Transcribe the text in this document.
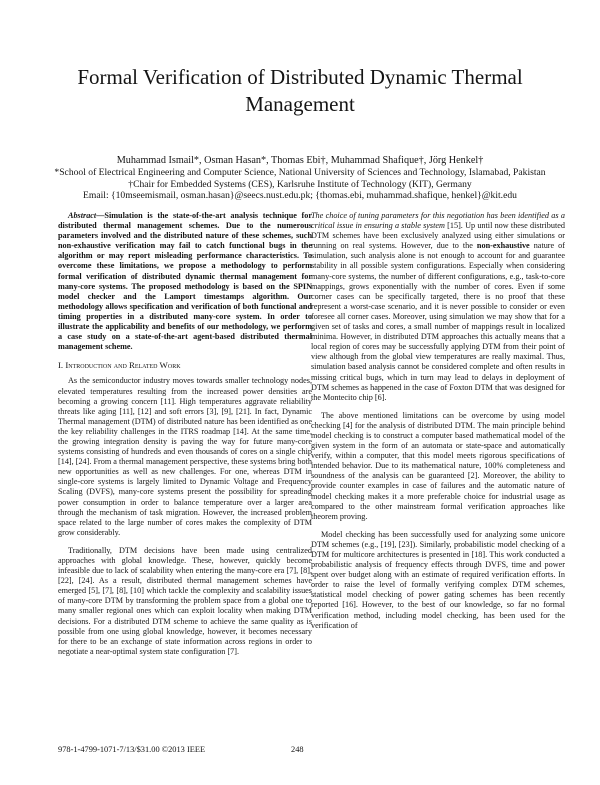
Formal Verification of Distributed Dynamic Thermal Management
Muhammad Ismail*, Osman Hasan*, Thomas Ebi†, Muhammad Shafique†, Jörg Henkel†
*School of Electrical Engineering and Computer Science, National University of Sciences and Technology, Islamabad, Pakistan
†Chair for Embedded Systems (CES), Karlsruhe Institute of Technology (KIT), Germany
Email: {10mseemismail, osman.hasan}@seecs.nust.edu.pk; {thomas.ebi, muhammad.shafique, henkel}@kit.edu

Abstract—Simulation is the state-of-the-art analysis technique for distributed thermal management schemes. Due to the numerous parameters involved and the distributed nature of these schemes, such non-exhaustive verification may fail to catch functional bugs in the algorithm or may report misleading performance characteristics. To overcome these limitations, we propose a methodology to perform formal verification of distributed dynamic thermal management for many-core systems. The proposed methodology is based on the SPIN model checker and the Lamport timestamps algorithm. Our methodology allows specification and verification of both functional and timing properties in a distributed many-core system. In order to illustrate the applicability and benefits of our methodology, we perform a case study on a state-of-the-art agent-based distributed thermal management scheme.

I. Introduction and Related Work

As the semiconductor industry moves towards smaller technology nodes, elevated temperatures resulting from the increased power densities are becoming a growing concern [11]. High temperatures aggravate reliability threats like aging [11], [12] and soft errors [3], [9], [21]. In fact, Dynamic Thermal management (DTM) of distributed nature has been identified as one the key reliability challenges in the ITRS roadmap [14]. At the same time, the growing integration density is paving the way for future many-core systems consisting of hundreds and even thousands of cores on a single chip [14], [24]. From a thermal management perspective, these systems bring both new opportunities as well as new challenges. For one, whereas DTM in single-core systems is largely limited to Dynamic Voltage and Frequency Scaling (DVFS), many-core systems present the possibility for spreading power consumption in order to balance temperature over a larger area through the mechanism of task migration. However, the increased problem space related to the large number of cores makes the complexity of DTM grow considerably.

Traditionally, DTM decisions have been made using centralized approaches with global knowledge. These, however, quickly become infeasible due to lack of scalability when entering the many-core era [7], [8], [22], [24]. As a result, distributed thermal management schemes have emerged [5], [7], [8], [10] which tackle the complexity and scalability issues of many-core DTM by transforming the problem space from a global one to many smaller regional ones which can exploit locality when making DTM decisions. For a distributed DTM scheme to achieve the same quality as is possible from one using global knowledge, however, it becomes necessary for there to be an exchange of state information across regions in order to negotiate a near-optimal system state configuration [7].

The choice of tuning parameters for this negotiation has been identified as a critical issue in ensuring a stable system [15]. Up until now these distributed DTM schemes have been exclusively analyzed using either simulations or running on real systems. However, due to the non-exhaustive nature of simulation, such analysis alone is not enough to account for and guarantee stability in all possible system configurations. Especially when considering many-core systems, the number of different configurations, e.g., task-to-core mappings, grows exponentially with the number of cores. Even if some corner cases can be specifically targeted, there is no proof that these represent a worst-case scenario, and it is never possible to consider or even foresee all corner cases. Moreover, using simulation we may show that for a given set of tasks and cores, a small number of mappings result in localized minima. However, in distributed DTM approaches this actually means that a local region of cores may be successfully applying DTM from their point of view although from the global view temperatures are really maximal. Thus, simulation based analysis cannot be considered complete and often results in missing critical bugs, which in turn may lead to delays in deployment of DTM schemes as happened in the case of Foxton DTM that was designed for the Montecito chip [6].

The above mentioned limitations can be overcome by using model checking [4] for the analysis of distributed DTM. The main principle behind model checking is to construct a computer based mathematical model of the given system in the form of an automata or state-space and automatically verify, within a computer, that this model meets rigorous specifications of intended behavior. Due to its mathematical nature, 100% completeness and soundness of the analysis can be guaranteed [2]. Moreover, the ability to provide counter examples in case of failures and the automatic nature of model checking makes it a more preferable choice for industrial usage as compared to the other mainstream formal verification approaches like theorem proving.

Model checking has been successfully used for analyzing some unicore DTM schemes (e.g., [19], [23]). Similarly, probabilistic model checking of a DTM for multicore architectures is presented in [18]. This work conducted a probabilistic analysis of frequency effects through DVFS, time and power spent over budget along with an estimate of required verification efforts. In order to raise the level of formally verifying complex DTM schemes, statistical model checking of power gating schemes has been recently reported [16]. However, to the best of our knowledge, so far no formal verification method, including model checking, has been used for the verification of

978-1-4799-1071-7/13/$31.00 ©2013 IEEE	248
